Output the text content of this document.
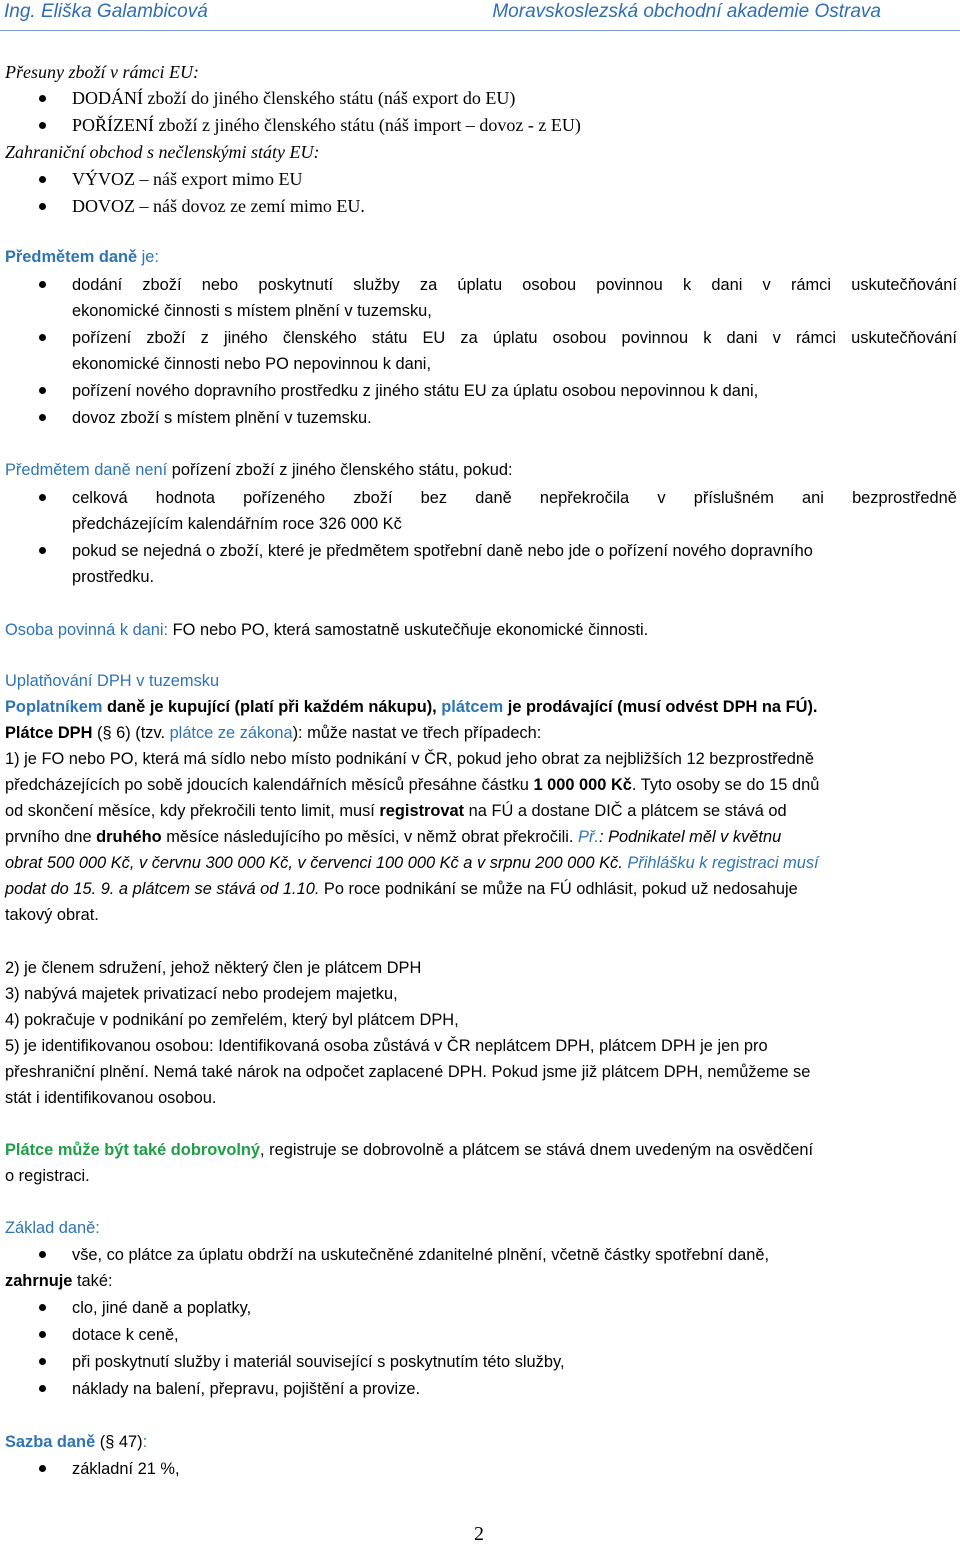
Ing. Eliška Galambicová	Moravskoslezská obchodní akademie Ostrava
Přesuny zboží v rámci EU:
DODÁNÍ zboží do jiného členského státu (náš export do EU)
POŘÍZENÍ zboží z jiného členského státu (náš import – dovoz - z EU)
Zahraniční obchod s nečlenskými státy EU:
VÝVOZ – náš export mimo EU
DOVOZ – náš dovoz ze zemí mimo EU.
Předmětem daně je:
dodání zboží nebo poskytnutí služby za úplatu osobou povinnou k dani v rámci uskutečňování
ekonomické činnosti s místem plnění v tuzemsku,
pořízení zboží z jiného členského státu EU za úplatu osobou povinnou k dani v rámci uskutečňování
ekonomické činnosti nebo PO nepovinnou k dani,
pořízení nového dopravního prostředku z jiného státu EU za úplatu osobou nepovinnou k dani,
dovoz zboží s místem plnění v tuzemsku.
Předmětem daně není pořízení zboží z jiného členského státu, pokud:
celková hodnota pořízeného zboží bez daně nepřekročila v příslušném ani bezprostředně
předcházejícím kalendářním roce 326 000 Kč
pokud se nejedná o zboží, které je předmětem spotřební daně nebo jde o pořízení nového dopravního
prostředku.
Osoba povinná k dani: FO nebo PO, která samostatně uskutečňuje ekonomické činnosti.
Uplatňování DPH v tuzemsku
Poplatníkem daně je kupující (platí při každém nákupu), plátcem je prodávající (musí odvést DPH na FÚ).
Plátce DPH (§ 6) (tzv. plátce ze zákona): může nastat ve třech případech:
1) je FO nebo PO, která má sídlo nebo místo podnikání v ČR, pokud jeho obrat za nejbližších 12 bezprostředně
předcházejících po sobě jdoucích kalendářních měsíců přesáhne částku 1 000 000 Kč. Tyto osoby se do 15 dnů
od skončení měsíce, kdy překročili tento limit, musí registrovat na FÚ a dostane DIČ a plátcem se stává od
prvního dne druhého měsíce následujícího po měsíci, v němž obrat překročili. Př.: Podnikatel měl v květnu
obrat 500 000 Kč, v červnu 300 000 Kč, v červenci 100 000 Kč a v srpnu 200 000 Kč. Přihlášku k registraci musí
podat do 15. 9. a plátcem se stává od 1.10. Po roce podnikání se může na FÚ odhlásit, pokud už nedosahuje
takový obrat.
2) je členem sdružení, jehož některý člen je plátcem DPH
3) nabývá majetek privatizací nebo prodejem majetku,
4) pokračuje v podnikání po zemřelém, který byl plátcem DPH,
5) je identifikovanou osobou: Identifikovaná osoba zůstává v ČR neplátcem DPH, plátcem DPH je jen pro
přeshraniční plnění. Nemá také nárok na odpočet zaplacené DPH. Pokud jsme již plátcem DPH, nemůžeme se
stát i identifikovanou osobou.
Plátce může být také dobrovolný, registruje se dobrovolně a plátcem se stává dnem uvedeným na osvědčení
o registraci.
Základ daně:
vše, co plátce za úplatu obdrží na uskutečněné zdanitelné plnění, včetně částky spotřební daně,
zahrnuje také:
clo, jiné daně a poplatky,
dotace k ceně,
při poskytnutí služby i materiál související s poskytnutím této služby,
náklady na balení, přepravu, pojištění a provize.
Sazba daně (§ 47):
základní 21 %,
2
